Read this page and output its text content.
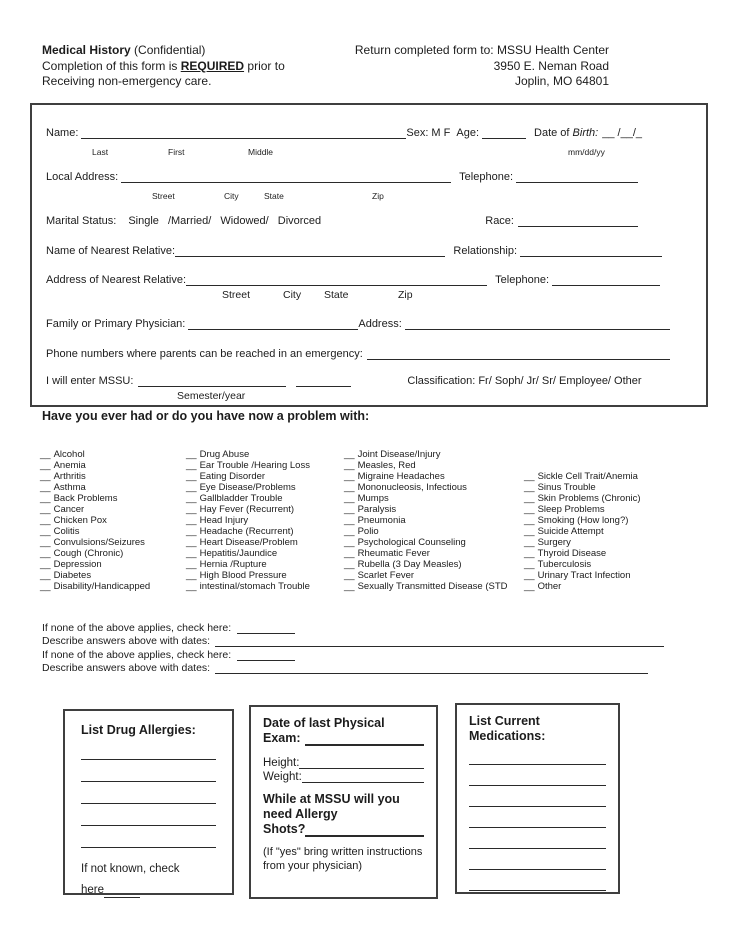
Medical History (Confidential)
Completion of this form is REQUIRED prior to
Receiving non-emergency care.
Return completed form to: MSSU Health Center
3950 E. Neman Road
Joplin, MO 64801
Name:	Sex: M F Age:	Date of Birth: __ /__/_
Last	First	Middle	mm/dd/yy
Local Address:	Telephone:
Street	City	State	Zip
Marital Status: Single /Married/ Widowed/ Divorced	Race:
Name of Nearest Relative:	Relationship:
Address of Nearest Relative:	Telephone:
Street	City State	Zip
Family or Primary Physician:	Address:
Phone numbers where parents can be reached in an emergency:
I will enter MSSU:	Classification: Fr/ Soph/ Jr/ Sr/ Employee/ Other
Semester/year
Have you ever had or do you have now a problem with:
__ Alcohol
__ Anemia
__ Arthritis
__ Asthma
__ Back Problems
__ Cancer
__ Chicken Pox
__ Colitis
__ Convulsions/Seizures
__ Cough (Chronic)
__ Depression
__ Diabetes
__ Disability/Handicapped
__ Drug Abuse
__ Ear Trouble /Hearing Loss
__ Eating Disorder
__ Eye Disease/Problems
__ Gallbladder Trouble
__ Hay Fever (Recurrent)
__ Head Injury
__ Headache (Recurrent)
__ Heart Disease/Problem
__ Hepatitis/Jaundice
__ Hernia /Rupture
__ High Blood Pressure
__ intestinal/stomach Trouble
__ Joint Disease/Injury
__ Measles, Red
__ Migraine Headaches
__ Mononucleosis, Infectious
__ Mumps
__ Paralysis
__ Pneumonia
__ Polio
__ Psychological Counseling
__ Rheumatic Fever
__ Rubella (3 Day Measles)
__ Scarlet Fever
__ Sexually Transmitted Disease (STD
__ Sickle Cell Trait/Anemia
__ Sinus Trouble
__ Skin Problems (Chronic)
__ Sleep Problems
__ Smoking (How long?)
__ Suicide Attempt
__ Surgery
__ Thyroid Disease
__ Tuberculosis
__ Urinary Tract Infection
__ Other
If none of the above applies, check here:
Describe answers above with dates:
If none of the above applies, check here:
Describe answers above with dates:
List Drug Allergies:
If not known, check
here
Date of last Physical
Exam:
Height:
Weight:
While at MSSU will you
need Allergy
Shots?
(If "yes" bring written instructions from your physician)
List Current
Medications:
